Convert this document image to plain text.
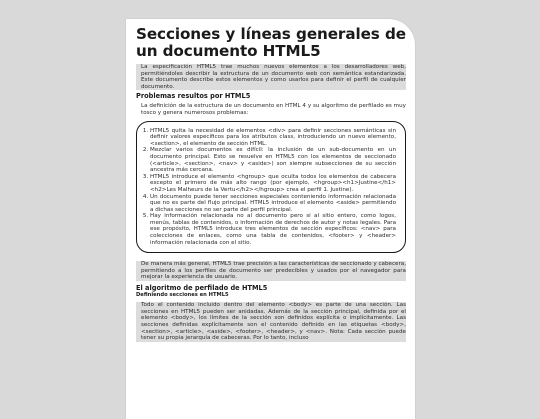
Secciones y líneas generales de un documento HTML5

La especificación HTML5 trae muchos nuevos elementos a los desarrolladores web, permitiéndoles describir la estructura de un documento web con semántica estandarizada. Este documento describe estos elementos y como usarlos para definir el perfil de cualquier documento.

Problemas resultos por HTML5

La definición de la estructura de un documento en HTML 4 y su algoritmo de perfilado es muy tosco y genera numerosos problemas:

1. HTML5 quita la necesidad de elementos <div> para definir secciones semánticas sin definir valores específicos para los atributos class, introduciendo un nuevo elemento, <section>, el elemento de sección HTML.
2. Mezclar varios documentos es difícil: la inclusión de un sub-documento en un documento principal. Esto se resuelve en HTML5 con los elementos de seccionado (<article>, <section>, <nav> y <aside>) son siempre subsecciones de su sección ancestra más cercana.
3. HTML5 introduce el elemento <hgroup> que oculta todos los elementos de cabecera excepto el primero de más alto rango (por ejemplo, <hgroup><h1>Justine</h1><h2>Les Malheurs de la Vertu</h2></hgroup> crea el perfil 1. Justine).
4. Un documento puede tener secciones especiales conteniendo información relacionada que no es parte del flujo principal. HTML5 introduce el elemento <aside> permitiendo a dichas secciones no ser parte del perfil principal.
5. Hay información relacionada no al documento pero si al sitio entero, como logos, menús, tablas de contenidos, o información de derechos de autor y notas legales. Para ese propósito, HTML5 introduce tres elementos de sección específicos: <nav> para colecciones de enlaces, como una tabla de contenidos, <footer> y <header> información relacionada con el sitio.

De manera más general, HTML5 trae precisión a las características de seccionado y cabecera, permitiendo a los perfiles de documento ser predecibles y usados por el navegador para mejorar la experiencia de usuario.

El algoritmo de perfilado de HTML5
Definiendo secciones en HTML5

Todo el contenido incluido dentro del elemento <body> es parte de una sección. Las secciones en HTML5 pueden ser anidadas. Además de la sección principal, definida por el elemento <body>, los límites de la sección son definidos explícita o implícitamente. Las secciones definidas explícitamente son el contenido definido en las etiquetas <body>, <section>, <article>, <aside>, <footer>, <header>, y <nav>. Nota: Cada sección puede tener su propia jerarquía de cabeceras. Por lo tanto, incluso
